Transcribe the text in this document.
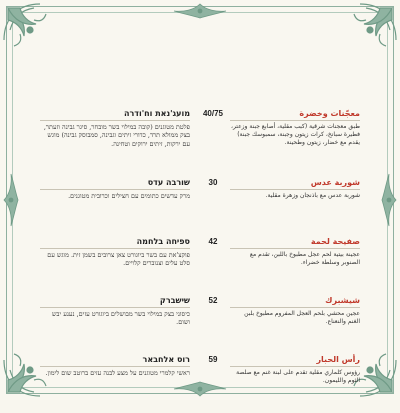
معجّنات وخضرة
طبق معجنات شرقية (كبب مقلية، أصابع جبنة وزعتر، فطيرة سبانخ، كرات زيتون وجبنة، سمبوسك جبنة) يقدم مع خضار، زيتون وطحينة.
40/75
מועג'נאת וח'ודרה
פלטת מטוגנים (קובה במילוי בשר מובחר, סיגר גבינה וזעתר, בצק ממולא תרד, כדורי זיתים וגבינה, סמבוסק גבינה) מוגש עם ירקות, זיתים ירוקים וטחינה.
شوربة عدس
شوربة عدس مع باذنجان وزهرة مقلية.
30
שורבה עדס
מרק עדשים כתומים עם חצילים וכרובית מטוגנים.
صفيحة لحمة
عجينة بيتية لحم عجل مطبوخ باللبن، تقدم مع الصنوبر وسلطة خضراء.
42
ספיחה בלחמה
פוקצ'את עם בשר ביוגורט צאן צרובים בשמן זית. מוגש עם סלט עלים וצנוברים קלויים.
شيشبرك
عجين محشي بلحم العجل المفروم مطبوخ بلبن الغنم والنعناع.
52
שישברק
כיסוני בצק במילוי בשר מבושלים ביוגורט עזים, נענע יבש ושום.
رأس الحبار
رؤوس كلماري مقلية تقدم على لبنة غنم مع صلصة الثوم والليمون.
59
רוס אלחבאר
ראשי קלמרי מטוגנים על מצע לבנה עזים ברוטב שום לימון.
